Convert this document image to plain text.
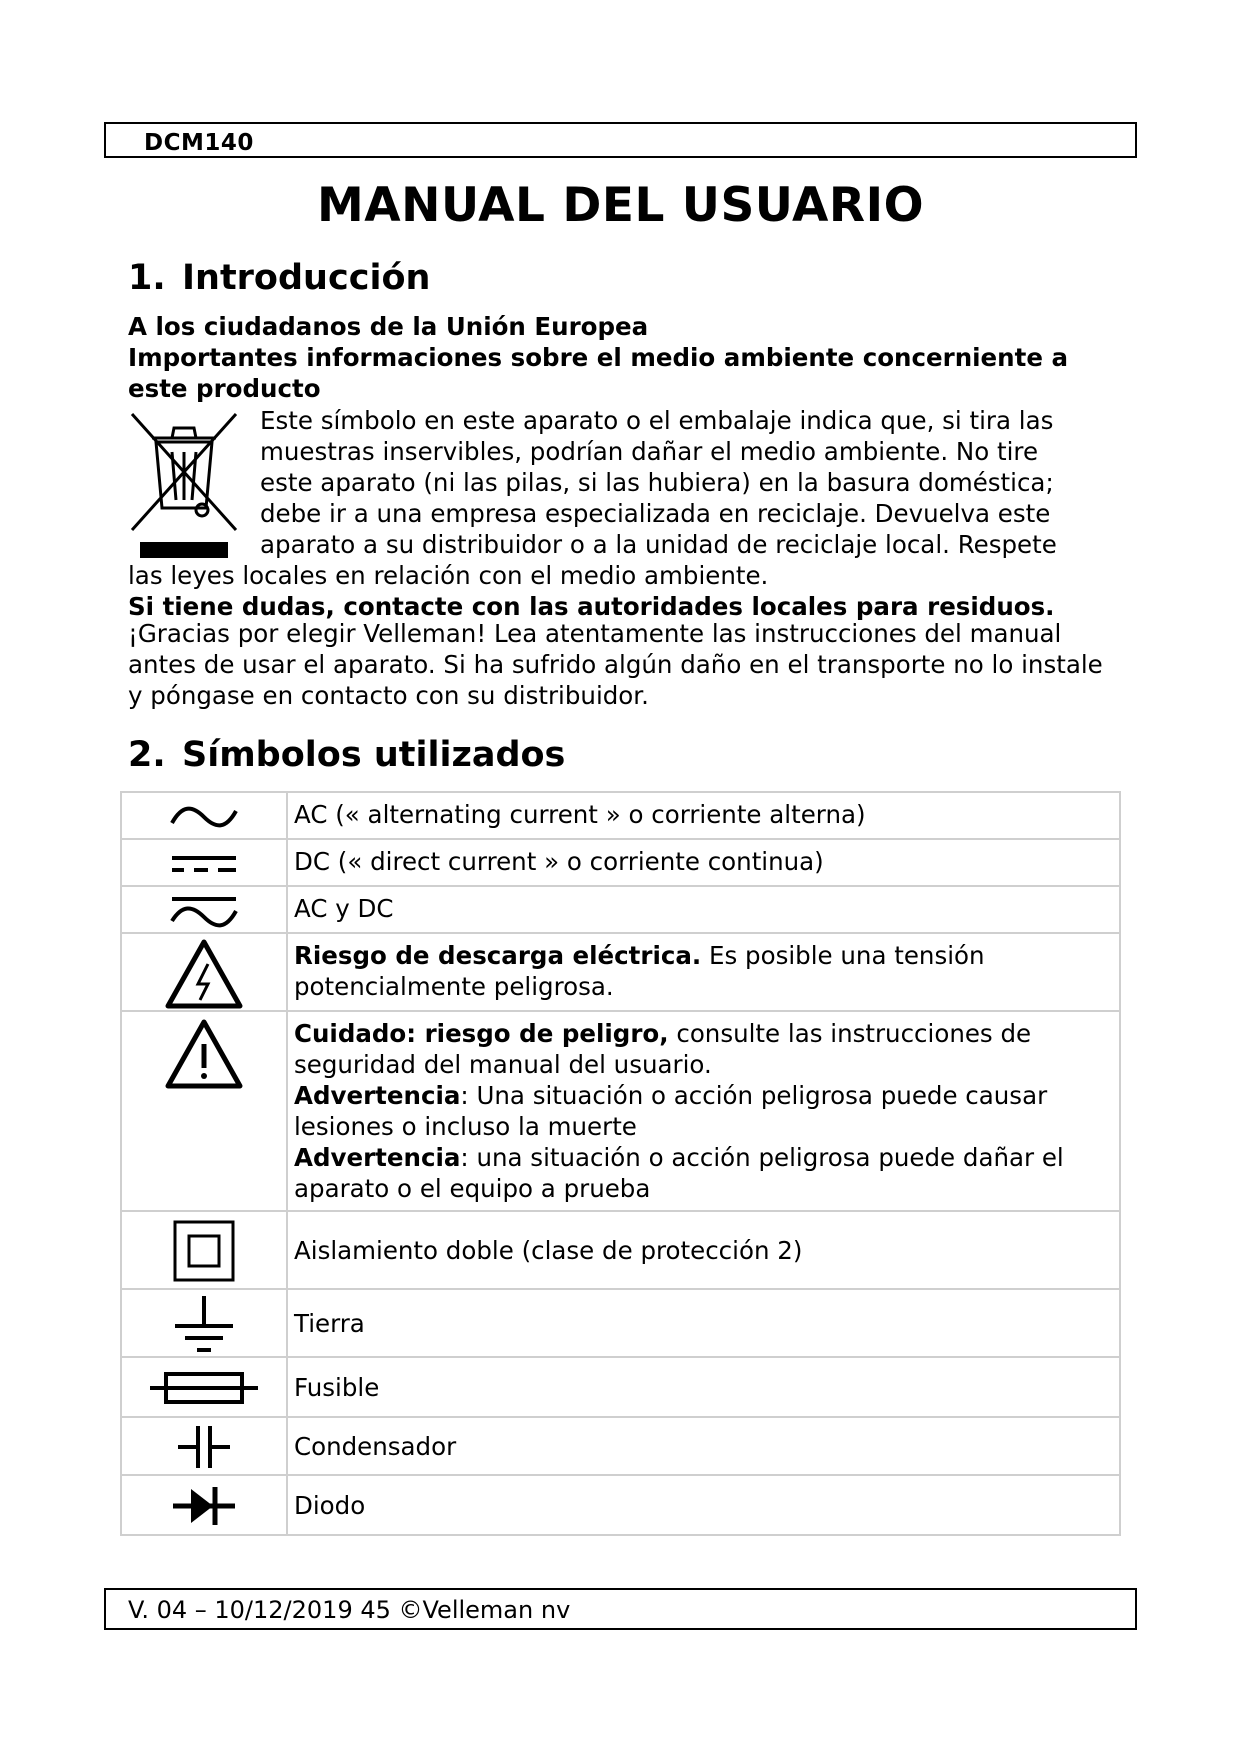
DCM140
MANUAL DEL USUARIO
1. Introducción

A los ciudadanos de la Unión Europea

Importantes informaciones sobre el medio ambiente concerniente a este producto

Este símbolo en este aparato o el embalaje indica que, si tira las muestras inservibles, podrían dañar el medio ambiente. No tire este aparato (ni las pilas, si las hubiera) en la basura doméstica; debe ir a una empresa especializada en reciclaje. Devuelva este aparato a su distribuidor o a la unidad de reciclaje local. Respete las leyes locales en relación con el medio ambiente.

Si tiene dudas, contacte con las autoridades locales para residuos.

¡Gracias por elegir Velleman! Lea atentamente las instrucciones del manual antes de usar el aparato. Si ha sufrido algún daño en el transporte no lo instale y póngase en contacto con su distribuidor.

2. Símbolos utilizados
	AC (« alternating current » o corriente alterna)

	DC (« direct current » o corriente continua)

	AC y DC

	Riesgo de descarga eléctrica. Es posible una tensión potencialmente peligrosa.

Cuidado: riesgo de peligro, consulte las instrucciones de seguridad del manual del usuario.
Advertencia: Una situación o acción peligrosa puede causar lesiones o incluso la muerte
Advertencia: una situación o acción peligrosa puede dañar el aparato o el equipo a prueba

	Aislamiento doble (clase de protección 2)

	Tierra

	Fusible

	Condensador

	Diodo
V. 04 – 10/12/2019 45 ©Velleman nv
